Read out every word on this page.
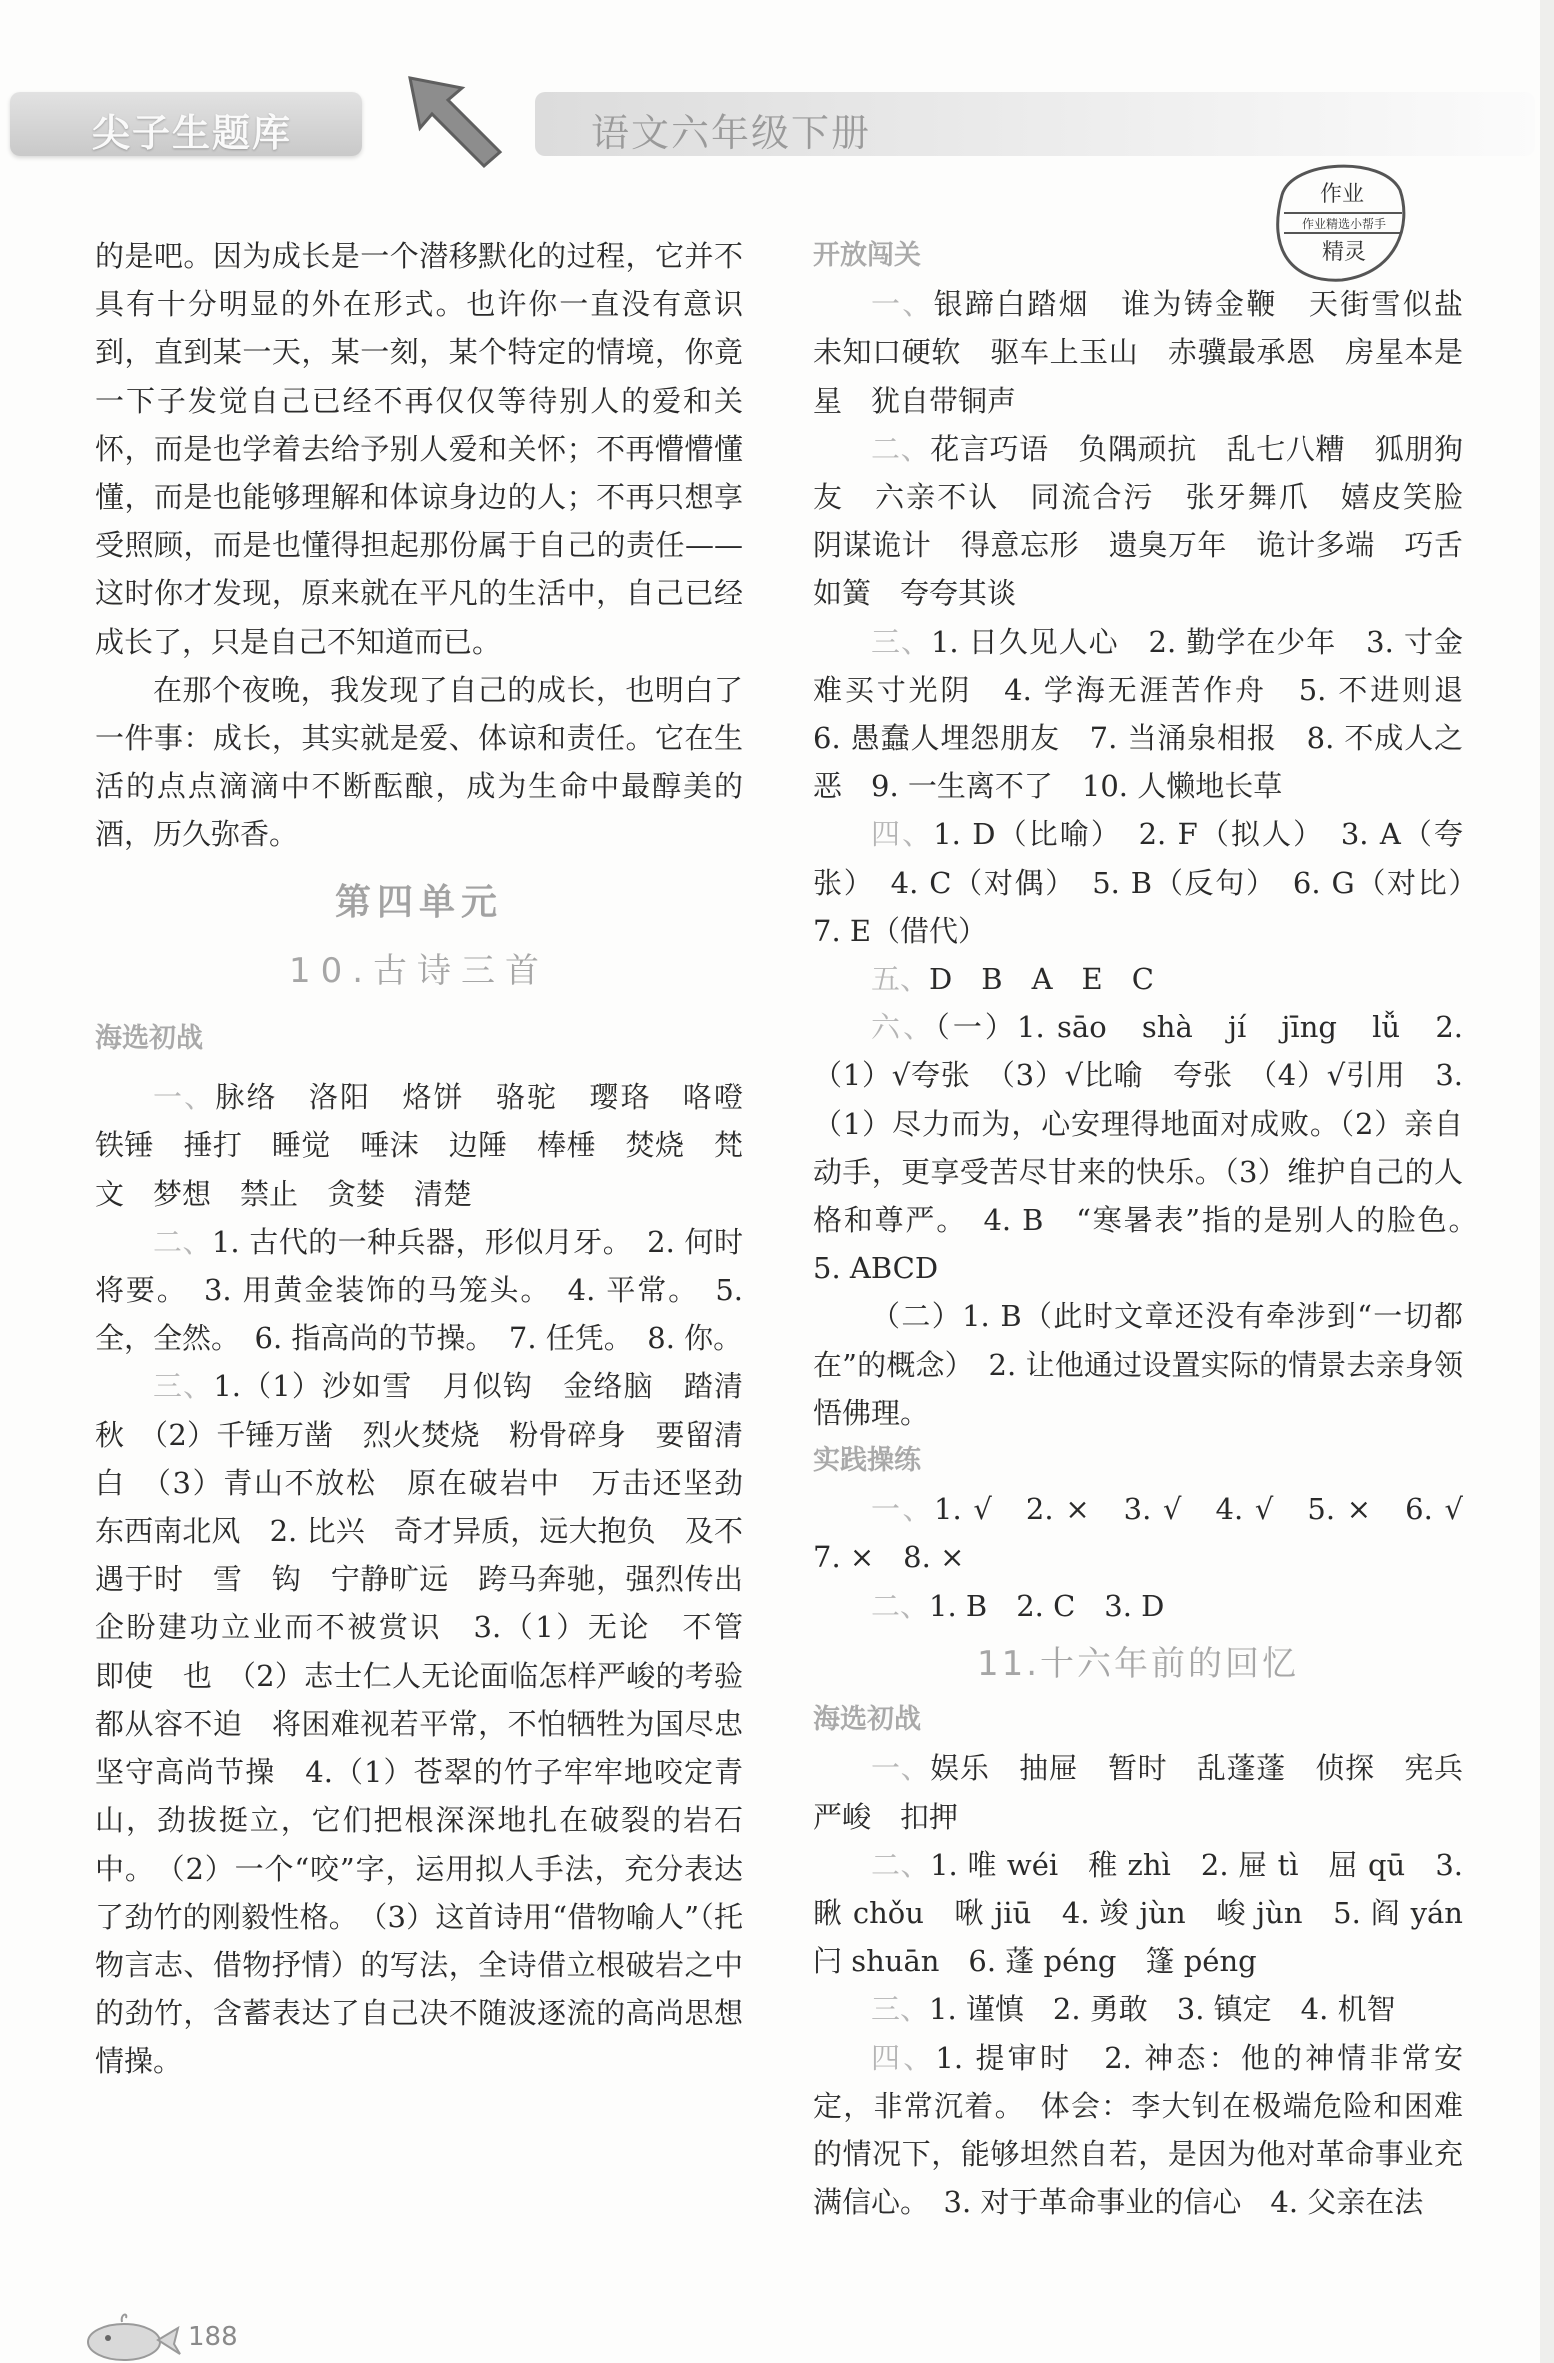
尖子生题库	语文六年级下册
作业
作业精选小帮手
精灵

的是吧。因为成长是一个潜移默化的过程，它并不具有十分明显的外在形式。也许你一直没有意识到，直到某一天，某一刻，某个特定的情境，你竟一下子发觉自己已经不再仅仅等待别人的爱和关怀，而是也学着去给予别人爱和关怀；不再懵懵懂懂，而是也能够理解和体谅身边的人；不再只想享受照顾，而是也懂得担起那份属于自己的责任——这时你才发现，原来就在平凡的生活中，自己已经成长了，只是自己不知道而已。

在那个夜晚，我发现了自己的成长，也明白了一件事：成长，其实就是爱、体谅和责任。它在生活的点点滴滴中不断酝酿，成为生命中最醇美的酒，历久弥香。

第四单元

10.古诗三首

海选初战

一、脉络　洛阳　烙饼　骆驼　璎珞　咯噔　铁锤　捶打　睡觉　唾沫　边陲　棒棰　焚烧　梵文　梦想　禁止　贪婪　清楚

二、1. 古代的一种兵器，形似月牙。　2. 何时将要。　3. 用黄金装饰的马笼头。　4. 平常。　5. 全，全然。　6. 指高尚的节操。　7. 任凭。　8. 你。

三、1.（1）沙如雪　月似钩　金络脑　踏清秋　（2）千锤万凿　烈火焚烧　粉骨碎身　要留清白　（3）青山不放松　原在破岩中　万击还坚劲　东西南北风　2. 比兴　奇才异质，远大抱负　及不遇于时　雪　钩　宁静旷远　跨马奔驰，强烈传出企盼建功立业而不被赏识　3.（1）无论　不管　即使　也　（2）志士仁人无论面临怎样严峻的考验都从容不迫　将困难视若平常，不怕牺牲为国尽忠　坚守高尚节操　4.（1）苍翠的竹子牢牢地咬定青山，劲拔挺立，它们把根深深地扎在破裂的岩石中。　（2）一个“咬”字，运用拟人手法，充分表达了劲竹的刚毅性格。　（3）这首诗用“借物喻人”（托物言志、借物抒情）的写法，全诗借立根破岩之中的劲竹，含蓄表达了自己决不随波逐流的高尚思想情操。

开放闯关

一、银蹄白踏烟　谁为铸金鞭　天街雪似盐　未知口硬软　驱车上玉山　赤骥最承恩　房星本是星　犹自带铜声

二、花言巧语　负隅顽抗　乱七八糟　狐朋狗友　六亲不认　同流合污　张牙舞爪　嬉皮笑脸　阴谋诡计　得意忘形　遗臭万年　诡计多端　巧舌如簧　夸夸其谈

三、1. 日久见人心　2. 勤学在少年　3. 寸金难买寸光阴　4. 学海无涯苦作舟　5. 不进则退　6. 愚蠢人埋怨朋友　7. 当涌泉相报　8. 不成人之恶　9. 一生离不了　10. 人懒地长草

四、1. D（比喻）　2. F（拟人）　3. A（夸张）　4. C（对偶）　5. B（反句）　6. G（对比）　7. E（借代）

五、D　B　A　E　C

六、（一）1. sāo　shà　jí　jīng　lǚ　2.（1）√夸张　（3）√比喻　夸张　（4）√引用　3.（1）尽力而为，心安理得地面对成败。（2）亲自动手，更享受苦尽甘来的快乐。（3）维护自己的人格和尊严。　4. B　“寒暑表”指的是别人的脸色。　5. ABCD

（二）1. B（此时文章还没有牵涉到“一切都在”的概念）　2. 让他通过设置实际的情景去亲身领悟佛理。

实践操练

一、1. √　2. ×　3. √　4. √　5. ×　6. √　7. ×　8. ×

二、1. B　2. C　3. D

11.十六年前的回忆

海选初战

一、娱乐　抽屉　暂时　乱蓬蓬　侦探　宪兵　严峻　扣押

二、1. 唯 wéi　稚 zhì　2. 屉 tì　屈 qū　3. 瞅 chǒu　啾 jiū　4. 竣 jùn　峻 jùn　5. 阎 yán　闩 shuān　6. 蓬 péng　篷 péng

三、1. 谨慎　2. 勇敢　3. 镇定　4. 机智

四、1. 提审时　2. 神态：他的神情非常安定，非常沉着。　体会：李大钊在极端危险和困难的情况下，能够坦然自若，是因为他对革命事业充满信心。　3. 对于革命事业的信心　4. 父亲在法

188
